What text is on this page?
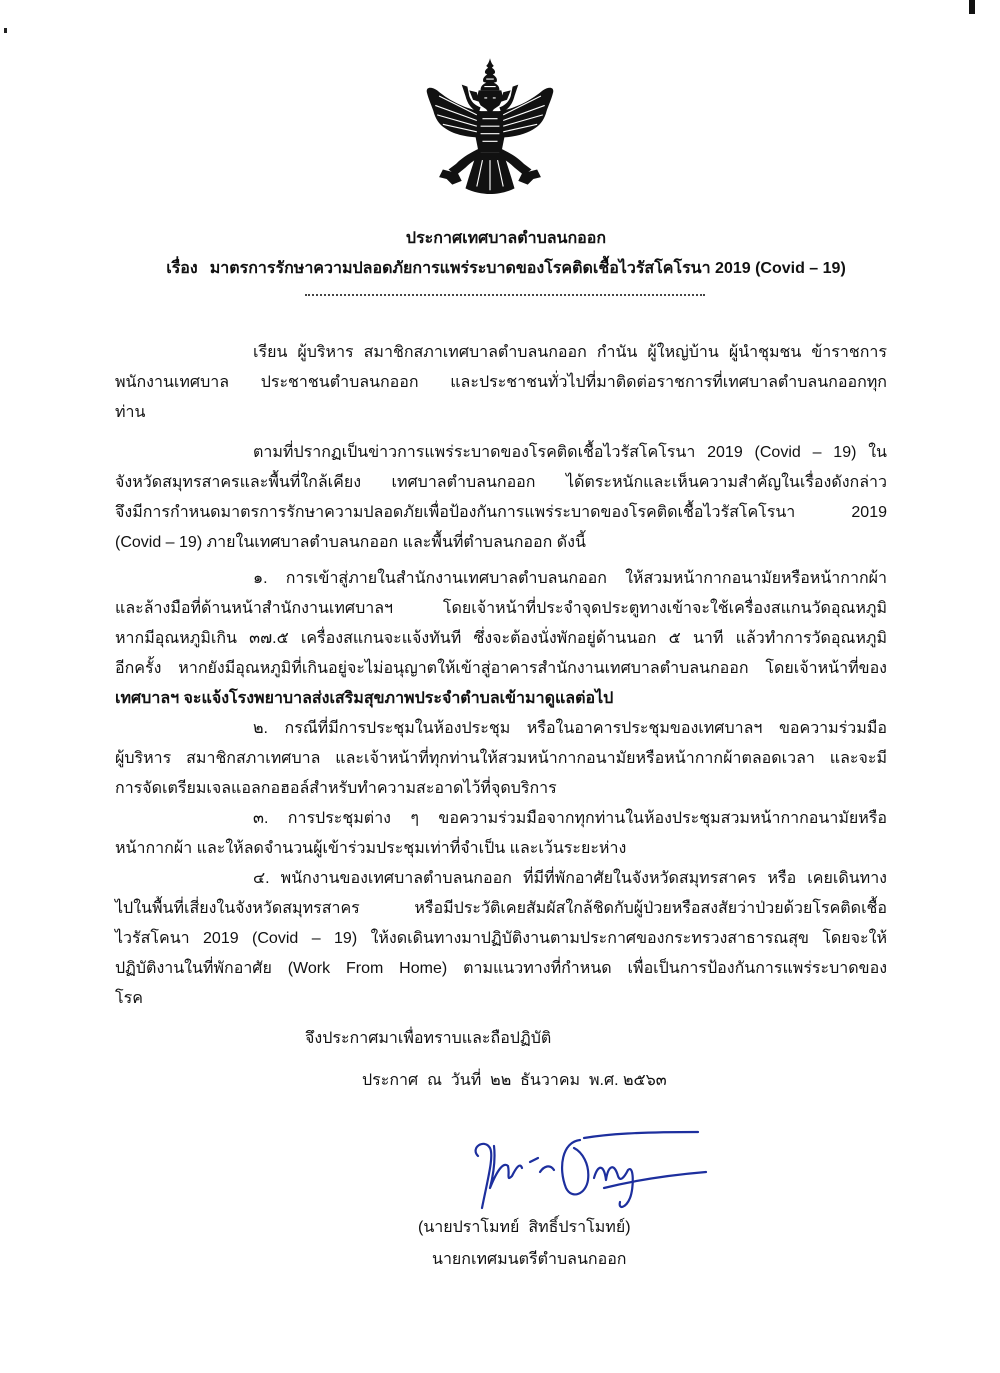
ประกาศเทศบาลตำบลนกออก
เรื่อง มาตรการรักษาความปลอดภัยการแพร่ระบาดของโรคติดเชื้อไวรัสโคโรนา 2019 (Covid – 19)
เรียน ผู้บริหาร สมาชิกสภาเทศบาลตำบลนกออก กำนัน ผู้ใหญ่บ้าน ผู้นำชุมชน ข้าราชการ
พนักงานเทศบาล ประชาชนตำบลนกออก และประชาชนทั่วไปที่มาติดต่อราชการที่เทศบาลตำบลนกออกทุก
ท่าน
ตามที่ปรากฏเป็นข่าวการแพร่ระบาดของโรคติดเชื้อไวรัสโคโรนา 2019 (Covid – 19) ใน
จังหวัดสมุทรสาครและพื้นที่ใกล้เคียง เทศบาลตำบลนกออก ได้ตระหนักและเห็นความสำคัญในเรื่องดังกล่าว
จึงมีการกำหนดมาตรการรักษาความปลอดภัยเพื่อป้องกันการแพร่ระบาดของโรคติดเชื้อไวรัสโคโรนา 2019
(Covid – 19) ภายในเทศบาลตำบลนกออก และพื้นที่ตำบลนกออก ดังนี้
๑. การเข้าสู่ภายในสำนักงานเทศบาลตำบลนกออก ให้สวมหน้ากากอนามัยหรือหน้ากากผ้า
และล้างมือที่ด้านหน้าสำนักงานเทศบาลฯ โดยเจ้าหน้าที่ประจำจุดประตูทางเข้าจะใช้เครื่องสแกนวัดอุณหภูมิ
หากมีอุณหภูมิเกิน ๓๗.๕ เครื่องสแกนจะแจ้งทันที ซึ่งจะต้องนั่งพักอยู่ด้านนอก ๕ นาที แล้วทำการวัดอุณหภูมิ
อีกครั้ง หากยังมีอุณหภูมิที่เกินอยู่จะไม่อนุญาตให้เข้าสู่อาคารสำนักงานเทศบาลตำบลนกออก โดยเจ้าหน้าที่ของ
เทศบาลฯ จะแจ้งโรงพยาบาลส่งเสริมสุขภาพประจำตำบลเข้ามาดูแลต่อไป
๒. กรณีที่มีการประชุมในห้องประชุม หรือในอาคารประชุมของเทศบาลฯ ขอความร่วมมือ
ผู้บริหาร สมาชิกสภาเทศบาล และเจ้าหน้าที่ทุกท่านให้สวมหน้ากากอนามัยหรือหน้ากากผ้าตลอดเวลา และจะมี
การจัดเตรียมเจลแอลกอฮอล์สำหรับทำความสะอาดไว้ที่จุดบริการ
๓. การประชุมต่าง ๆ ขอความร่วมมือจากทุกท่านในห้องประชุมสวมหน้ากากอนามัยหรือ
หน้ากากผ้า และให้ลดจำนวนผู้เข้าร่วมประชุมเท่าที่จำเป็น และเว้นระยะห่าง
๔. พนักงานของเทศบาลตำบลนกออก ที่มีที่พักอาศัยในจังหวัดสมุทรสาคร หรือ เคยเดินทาง
ไปในพื้นที่เสี่ยงในจังหวัดสมุทรสาคร หรือมีประวัติเคยสัมผัสใกล้ชิดกับผู้ป่วยหรือสงสัยว่าป่วยด้วยโรคติดเชื้อ
ไวรัสโคนา 2019 (Covid – 19) ให้งดเดินทางมาปฏิบัติงานตามประกาศของกระทรวงสาธารณสุข โดยจะให้
ปฏิบัติงานในที่พักอาศัย (Work From Home) ตามแนวทางที่กำหนด เพื่อเป็นการป้องกันการแพร่ระบาดของ
โรค
จึงประกาศมาเพื่อทราบและถือปฏิบัติ
ประกาศ  ณ  วันที่  ๒๒  ธันวาคม  พ.ศ. ๒๕๖๓
(นายปราโมทย์  สิทธิ์ปราโมทย์)
นายกเทศมนตรีตำบลนกออก
